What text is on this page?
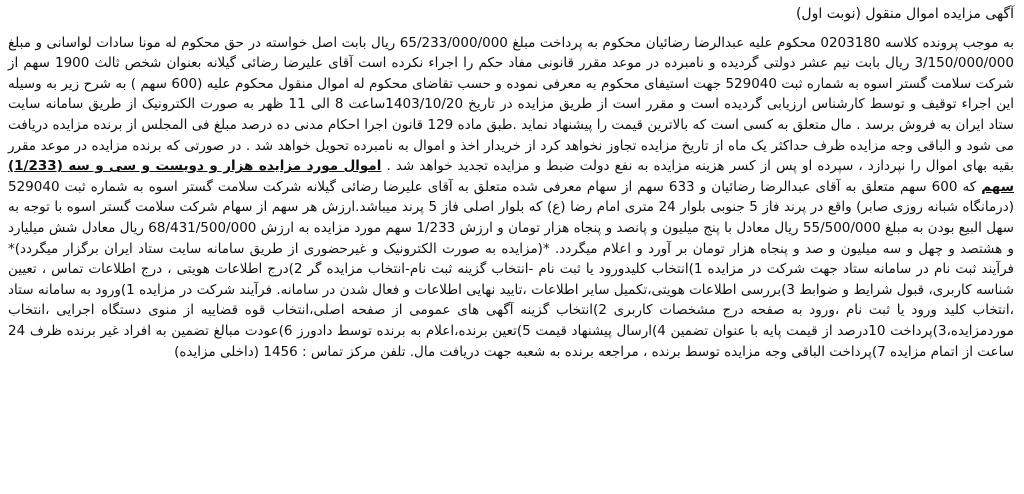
آگهی مزایده اموال منقول (نوبت اول)

به موجب پرونده کلاسه 0203180 محکوم علیه عبدالرضا رضائیان محکوم به پرداخت مبلغ 65/233/000/000 ریال بابت اصل خواسته در حق محکوم له مونا سادات لواسانی و مبلغ 3/150/000/000 ریال بابت نیم عشر دولتی گردیده و نامبرده در موعد مقرر قانونی مفاد حکم را اجراء نکرده است آقای علیرضا رضائی گیلانه بعنوان شخص ثالث 1900 سهم از شرکت سلامت گستر اسوه به شماره ثبت 529040 جهت استیفای محکوم به معرفی نموده و حسب تقاضای محکوم له اموال منقول محکوم علیه (600 سهم ) به شرح زیر به وسیله این اجراء توقیف و توسط کارشناس ارزیابی گردیده است و مقرر است از طریق مزایده در تاریخ 1403/10/20ساعت 8 الی 11 ظهر به صورت الکترونیک از طریق سامانه سایت ستاد ایران به فروش برسد . مال متعلق به کسی است که بالاترین قیمت را پیشنهاد نماید .طبق ماده 129 قانون اجرا احکام مدنی ده درصد مبلغ فی المجلس از برنده مزایده دریافت می شود و الباقی وجه مزایده ظرف حداکثر یک ماه از تاریخ مزایده تجاوز نخواهد کرد از خریدار اخذ و اموال به نامبرده تحویل خواهد شد . در صورتی که برنده مزایده در موعد مقرر بقیه بهای اموال را نپردازد ، سپرده او پس از کسر هزینه مزایده به نفع دولت ضبط و مزایده تجدید خواهد شد . اموال مورد مزایده هزار و دویست و سی و سه (1/233) سهم که 600 سهم متعلق به آقای عبدالرضا رضائیان و 633 سهم از سهام معرفی شده متعلق به آقای علیرضا رضائی گیلانه شرکت سلامت گستر اسوه به شماره ثبت 529040 (درمانگاه شبانه روزی صابر) واقع در پرند فاز 5 جنوبی بلوار 24 متری امام رضا (ع) که بلوار اصلی فاز 5 پرند میباشد.ارزش هر سهم از سهام شرکت سلامت گستر اسوه با توجه به سهل البیع بودن به مبلغ 55/500/000 ریال معادل با پنج میلیون و پانصد و پنجاه هزار تومان و ارزش 1/233 سهم مورد مزایده به ارزش 68/431/500/000 ریال معادل شش میلیارد و هشتصد و چهل و سه میلیون و صد و پنجاه هزار تومان بر آورد و اعلام میگردد. *(مزایده به صورت الکترونیک و غیرحضوری از طریق سامانه سایت ستاد ایران برگزار میگردد)* فرآیند ثبت نام در سامانه ستاد جهت شرکت در مزایده 1)انتخاب کلیدورود یا ثبت نام -انتخاب گزینه ثبت نام-انتخاب مزایده گر 2)درج اطلاعات هویتی ، درج اطلاعات تماس ، تعیین شناسه کاربری، قبول شرایط و ضوابط 3)بررسی اطلاعات هویتی،تکمیل سایر اطلاعات ،تایید نهایی اطلاعات و فعال شدن در سامانه. فرآیند شرکت در مزایده 1)ورود به سامانه ستاد ،انتخاب کلید ورود یا ثبت نام ،ورود به صفحه درج مشخصات کاربری 2)انتخاب گزینه آگهی های عمومی از صفحه اصلی،انتخاب قوه قضاییه از منوی دستگاه اجرایی ،انتخاب موردمزایده،3)پرداخت 10درصد از قیمت پایه با عنوان تضمین 4)ارسال پیشنهاد قیمت 5)تعین برنده،اعلام به برنده توسط دادورز 6)عودت مبالغ تضمین به افراد غیر برنده ظرف 24 ساعت از اتمام مزایده 7)پرداخت الباقی وجه مزایده توسط برنده ، مراجعه برنده به شعبه جهت دریافت مال. تلفن مرکز تماس : 1456 (داخلی مزایده)
